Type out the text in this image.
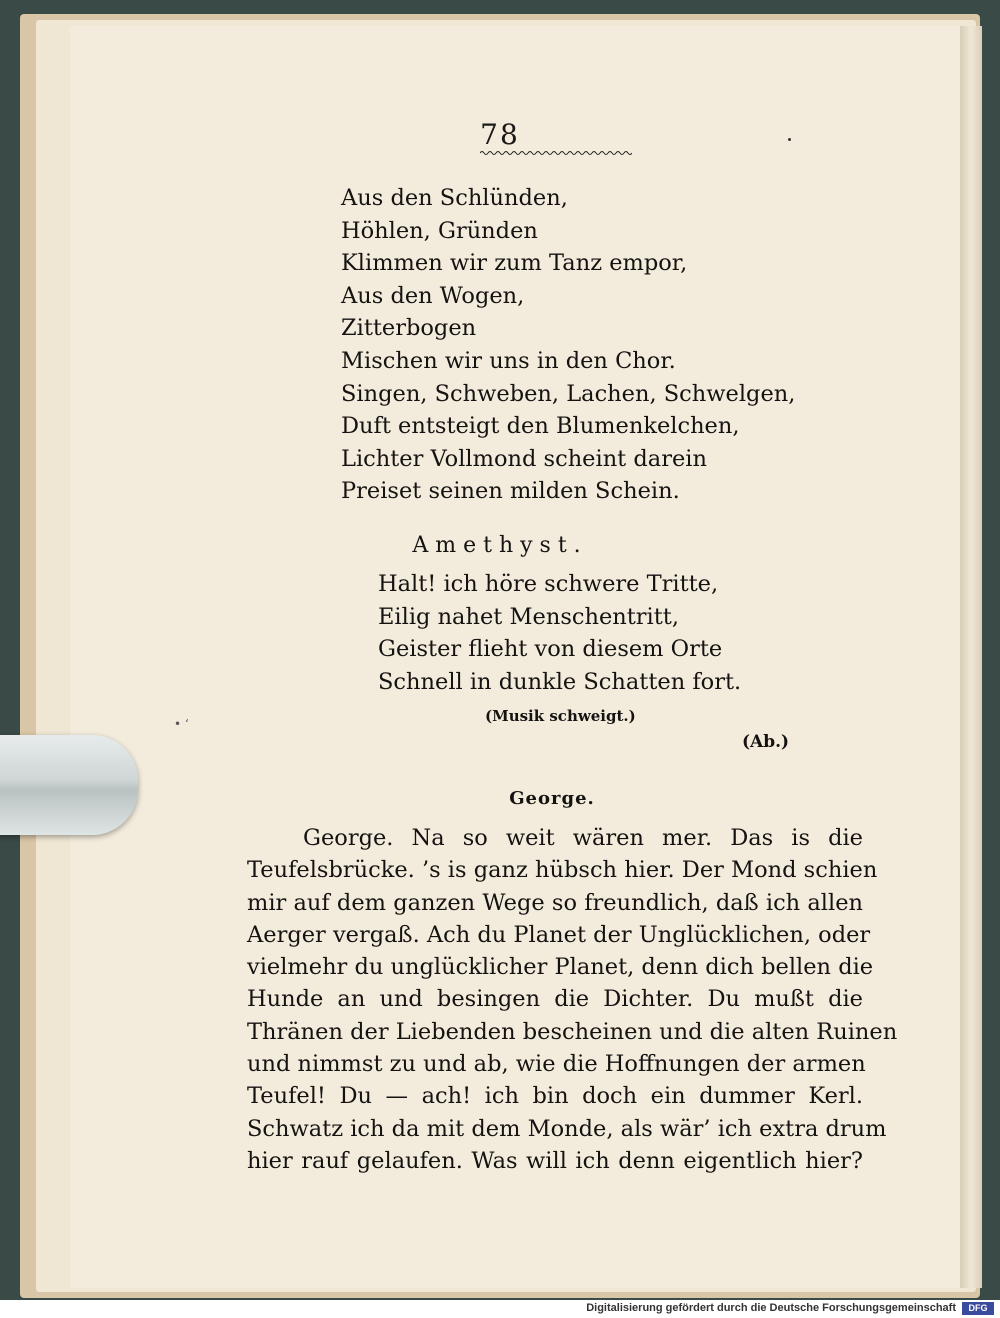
78
Aus den Schlünden,
Höhlen, Gründen
Klimmen wir zum Tanz empor,
Aus den Wogen,
Zitterbogen
Mischen wir uns in den Chor.
Singen, Schweben, Lachen, Schwelgen,
Duft entsteigt den Blumenkelchen,
Lichter Vollmond scheint darein
Preiset seinen milden Schein.
Amethyst.
Halt! ich höre schwere Tritte,
Eilig nahet Menschentritt,
Geister flieht von diesem Orte
Schnell in dunkle Schatten fort.
(Musik schweigt.)
(Ab.)
George.
George. Na so weit wären mer. Das is die
Teufelsbrücke. ’s is ganz hübsch hier. Der Mond schien
mir auf dem ganzen Wege so freundlich, daß ich allen
Aerger vergaß. Ach du Planet der Unglücklichen, oder
vielmehr du unglücklicher Planet, denn dich bellen die
Hunde an und besingen die Dichter. Du mußt die
Thränen der Liebenden bescheinen und die alten Ruinen
und nimmst zu und ab, wie die Hoffnungen der armen
Teufel! Du — ach! ich bin doch ein dummer Kerl.
Schwatz ich da mit dem Monde, als wär’ ich extra drum
hier rauf gelaufen. Was will ich denn eigentlich hier?
• ‘
Digitalisierung gefördert durch die Deutsche Forschungsgemeinschaft	DFG
